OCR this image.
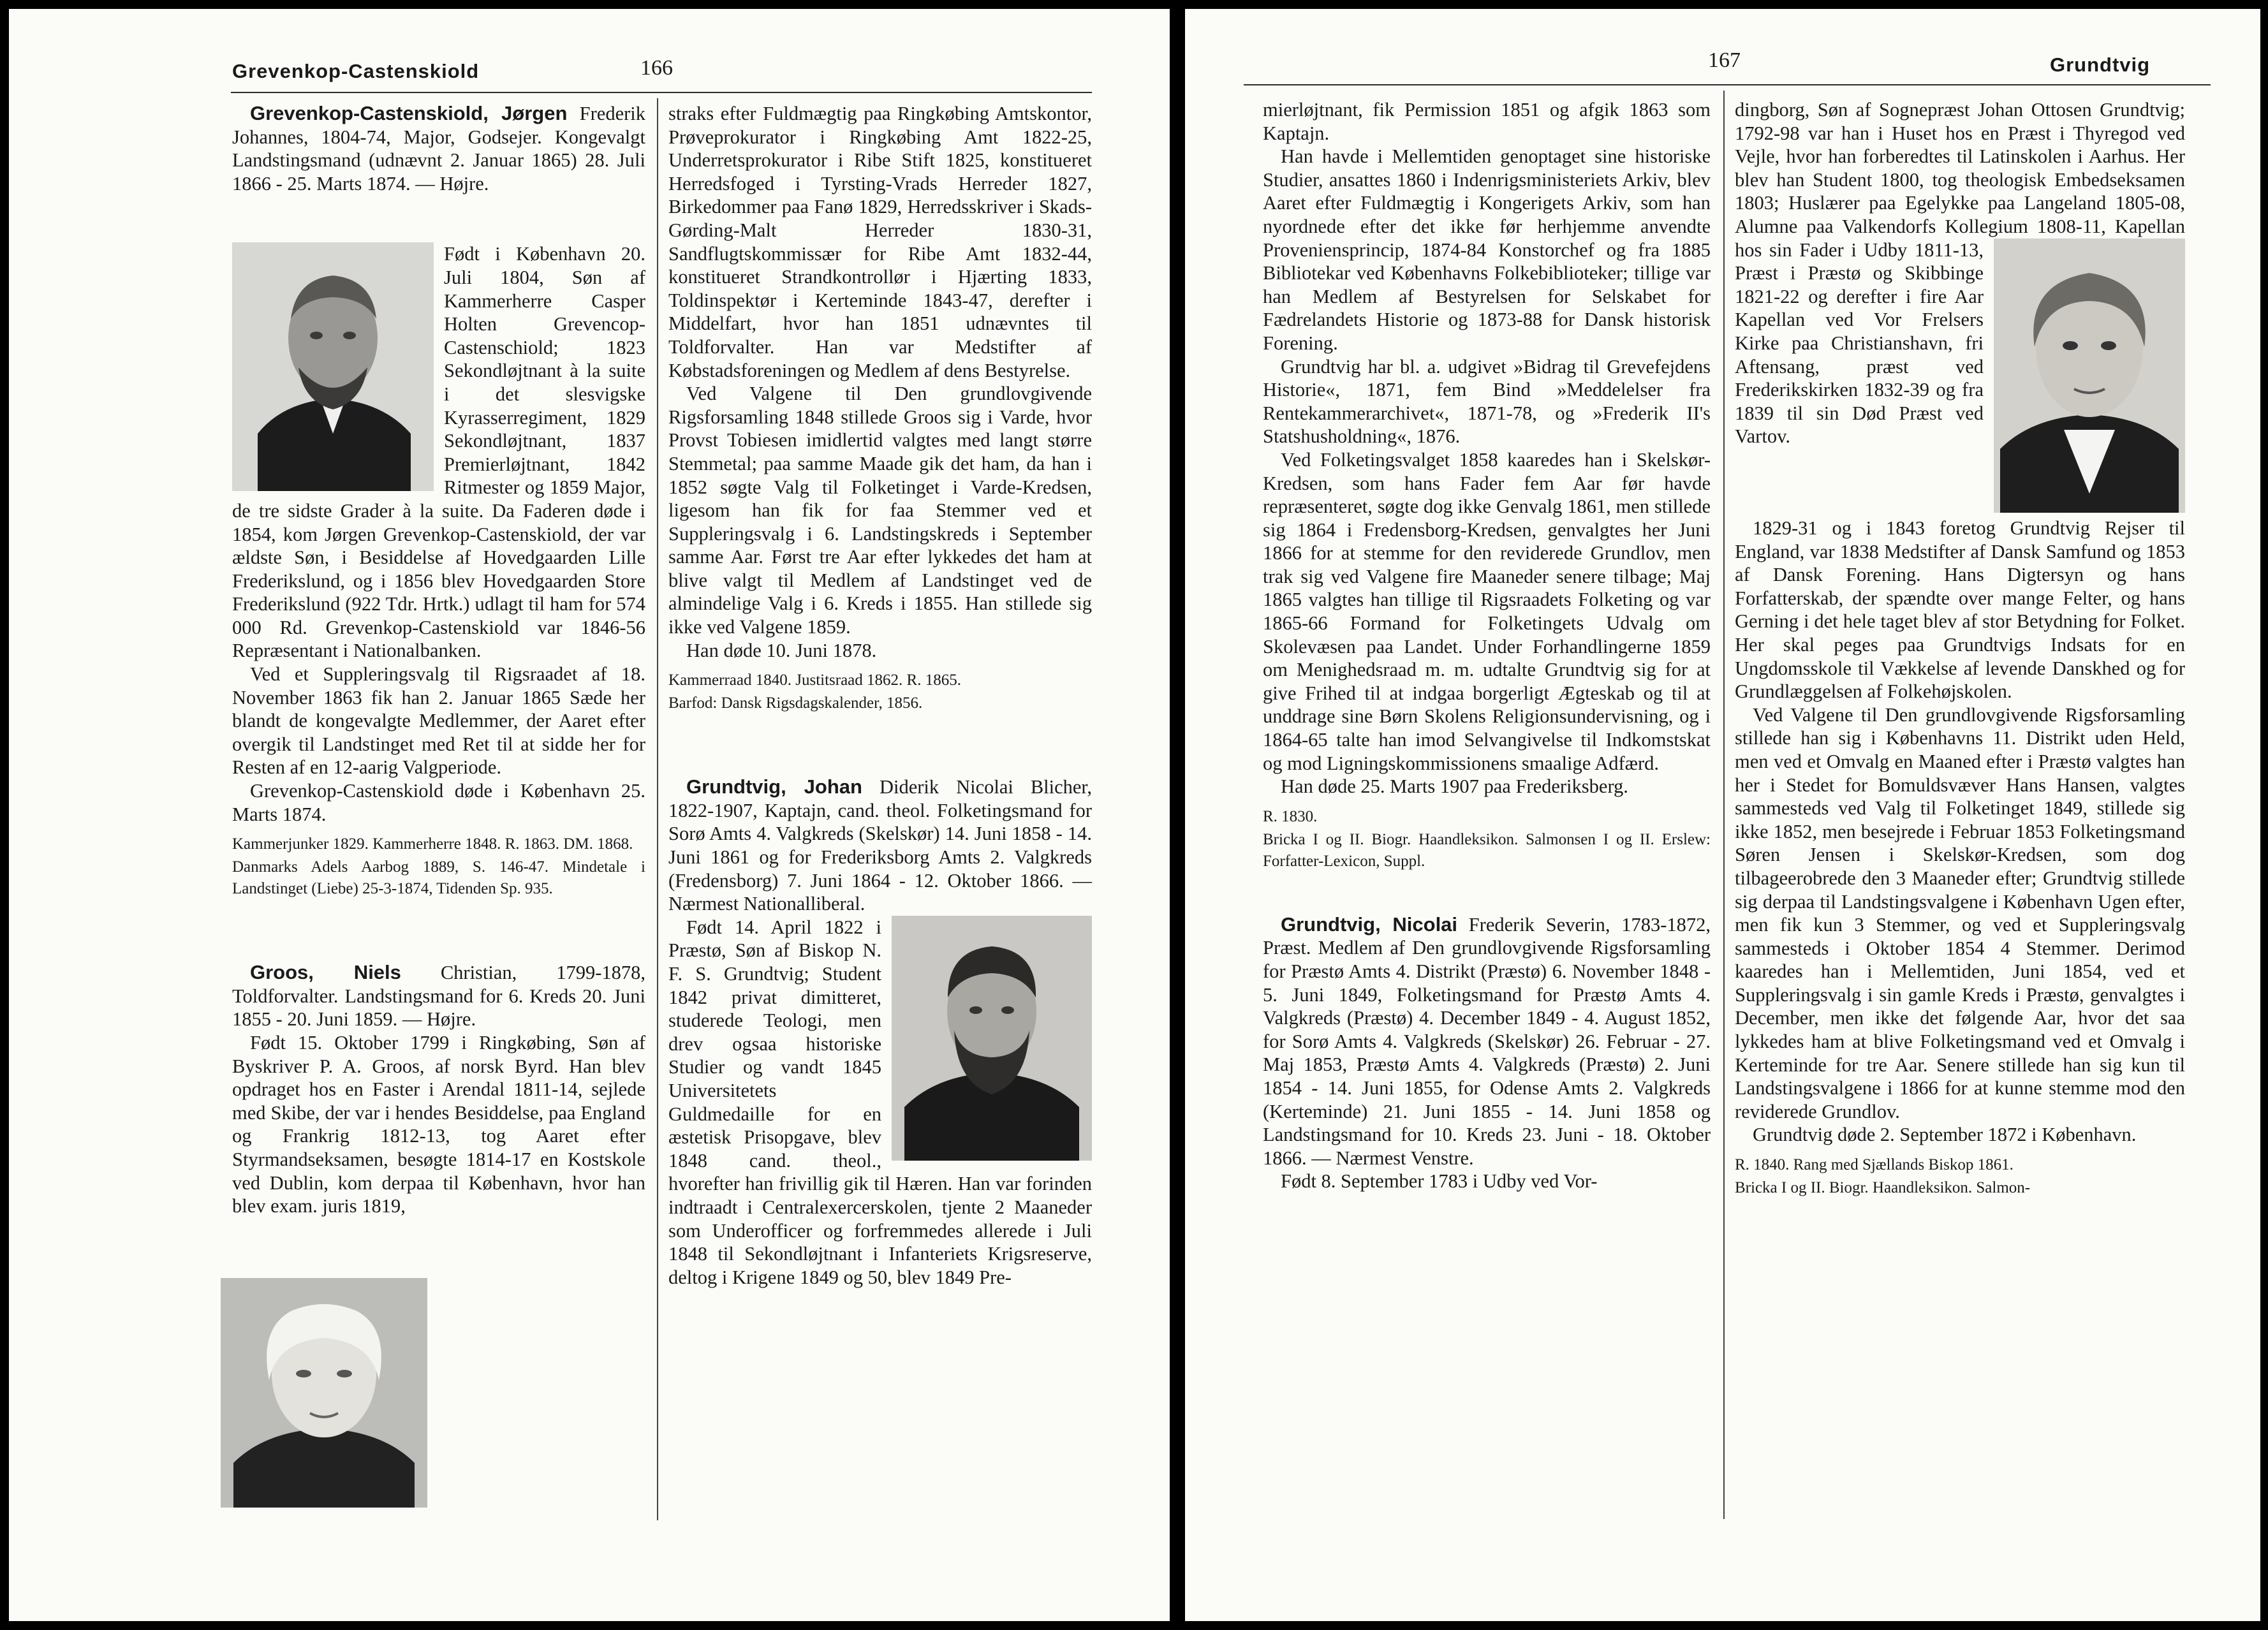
Grevenkop-Castenskiold	166

Grevenkop-Castenskiold, Jørgen Frederik Johannes, 1804-74, Major, Godsejer. Kongevalgt Landstingsmand (udnævnt 2. Januar 1865) 28. Juli 1866 - 25. Marts 1874. — Højre.

Født i København 20. Juli 1804, Søn af Kammerherre Casper Holten Grevencop-Castenschiold; 1823 Sekondløjtnant à la suite i det slesvigske Kyrasserregiment, 1829 Sekondløjtnant, 1837 Premierløjtnant, 1842 Ritmester og 1859 Major, de tre sidste Grader à la suite. Da Faderen døde i 1854, kom Jørgen Grevenkop-Castenskiold, der var ældste Søn, i Besiddelse af Hovedgaarden Lille Frederikslund, og i 1856 blev Hovedgaarden Store Frederikslund (922 Tdr. Hrtk.) udlagt til ham for 574 000 Rd. Grevenkop-Castenskiold var 1846-56 Repræsentant i Nationalbanken.

Ved et Suppleringsvalg til Rigsraadet af 18. November 1863 fik han 2. Januar 1865 Sæde her blandt de kongevalgte Medlemmer, der Aaret efter overgik til Landstinget med Ret til at sidde her for Resten af en 12-aarig Valgperiode.

Grevenkop-Castenskiold døde i København 25. Marts 1874.

Kammerjunker 1829. Kammerherre 1848. R. 1863. DM. 1868.

Danmarks Adels Aarbog 1889, S. 146-47. Mindetale i Landstinget (Liebe) 25-3-1874, Tidenden Sp. 935.

Groos, Niels Christian, 1799-1878, Toldforvalter. Landstingsmand for 6. Kreds 20. Juni 1855 - 20. Juni 1859. — Højre.

Født 15. Oktober 1799 i Ringkøbing, Søn af Byskriver P. A. Groos, af norsk Byrd. Han blev opdraget hos en Faster i Arendal 1811-14, sejlede med Skibe, der var i hendes Besiddelse, paa England og Frankrig 1812-13, tog Aaret efter Styrmandseksamen, besøgte 1814-17 en Kostskole ved Dublin, kom derpaa til København, hvor han blev exam. juris 1819,

straks efter Fuldmægtig paa Ringkøbing Amtskontor, Prøveprokurator i Ringkøbing Amt 1822-25, Underretsprokurator i Ribe Stift 1825, konstitueret Herredsfoged i Tyrsting-Vrads Herreder 1827, Birkedommer paa Fanø 1829, Herredsskriver i Skads-Gørding-Malt Herreder 1830-31, Sandflugtskommissær for Ribe Amt 1832-44, konstitueret Strandkontrollør i Hjærting 1833, Toldinspektør i Kerteminde 1843-47, derefter i Middelfart, hvor han 1851 udnævntes til Toldforvalter. Han var Medstifter af Købstadsforeningen og Medlem af dens Bestyrelse.

Ved Valgene til Den grundlovgivende Rigsforsamling 1848 stillede Groos sig i Varde, hvor Provst Tobiesen imidlertid valgtes med langt større Stemmetal; paa samme Maade gik det ham, da han i 1852 søgte Valg til Folketinget i Varde-Kredsen, ligesom han fik for faa Stemmer ved et Suppleringsvalg i 6. Landstingskreds i September samme Aar. Først tre Aar efter lykkedes det ham at blive valgt til Medlem af Landstinget ved de almindelige Valg i 6. Kreds i 1855. Han stillede sig ikke ved Valgene 1859.

Han døde 10. Juni 1878.

Kammerraad 1840. Justitsraad 1862. R. 1865.

Barfod: Dansk Rigsdagskalender, 1856.

Grundtvig, Johan Diderik Nicolai Blicher, 1822-1907, Kaptajn, cand. theol. Folketingsmand for Sorø Amts 4. Valgkreds (Skelskør) 14. Juni 1858 - 14. Juni 1861 og for Frederiksborg Amts 2. Valgkreds (Fredensborg) 7. Juni 1864 - 12. Oktober 1866. — Nærmest Nationalliberal.

Født 14. April 1822 i Præstø, Søn af Biskop N. F. S. Grundtvig; Student 1842 privat dimitteret, studerede Teologi, men drev ogsaa historiske Studier og vandt 1845 Universitetets Guldmedaille for en æstetisk Prisopgave, blev 1848 cand. theol., hvorefter han frivillig gik til Hæren. Han var forinden indtraadt i Centralexercerskolen, tjente 2 Maaneder som Underofficer og forfremmedes allerede i Juli 1848 til Sekondløjtnant i Infanteriets Krigsreserve, deltog i Krigene 1849 og 50, blev 1849 Pre-

167	Grundtvig

mierløjtnant, fik Permission 1851 og afgik 1863 som Kaptajn.

Han havde i Mellemtiden genoptaget sine historiske Studier, ansattes 1860 i Indenrigsministeriets Arkiv, blev Aaret efter Fuldmægtig i Kongerigets Arkiv, som han nyordnede efter det ikke før herhjemme anvendte Proveniensprincip, 1874-84 Konstorchef og fra 1885 Bibliotekar ved Københavns Folkebiblioteker; tillige var han Medlem af Bestyrelsen for Selskabet for Fædrelandets Historie og 1873-88 for Dansk historisk Forening.

Grundtvig har bl. a. udgivet »Bidrag til Grevefejdens Historie«, 1871, fem Bind »Meddelelser fra Rentekammerarchivet«, 1871-78, og »Frederik II's Statshusholdning«, 1876.

Ved Folketingsvalget 1858 kaaredes han i Skelskør-Kredsen, som hans Fader fem Aar før havde repræsenteret, søgte dog ikke Genvalg 1861, men stillede sig 1864 i Fredensborg-Kredsen, genvalgtes her Juni 1866 for at stemme for den reviderede Grundlov, men trak sig ved Valgene fire Maaneder senere tilbage; Maj 1865 valgtes han tillige til Rigsraadets Folketing og var 1865-66 Formand for Folketingets Udvalg om Skolevæsen paa Landet. Under Forhandlingerne 1859 om Menighedsraad m. m. udtalte Grundtvig sig for at give Frihed til at indgaa borgerligt Ægteskab og til at unddrage sine Børn Skolens Religionsundervisning, og i 1864-65 talte han imod Selvangivelse til Indkomstskat og mod Ligningskommissionens smaalige Adfærd.

Han døde 25. Marts 1907 paa Frederiksberg.

R. 1830.

Bricka I og II. Biogr. Haandleksikon. Salmonsen I og II. Erslew: Forfatter-Lexicon, Suppl.

Grundtvig, Nicolai Frederik Severin, 1783-1872, Præst. Medlem af Den grundlovgivende Rigsforsamling for Præstø Amts 4. Distrikt (Præstø) 6. November 1848 - 5. Juni 1849, Folketingsmand for Præstø Amts 4. Valgkreds (Præstø) 4. December 1849 - 4. August 1852, for Sorø Amts 4. Valgkreds (Skelskør) 26. Februar - 27. Maj 1853, Præstø Amts 4. Valgkreds (Præstø) 2. Juni 1854 - 14. Juni 1855, for Odense Amts 2. Valgkreds (Kerteminde) 21. Juni 1855 - 14. Juni 1858 og Landstingsmand for 10. Kreds 23. Juni - 18. Oktober 1866. — Nærmest Venstre.

Født 8. September 1783 i Udby ved Vor-

dingborg, Søn af Sognepræst Johan Ottosen Grundtvig; 1792-98 var han i Huset hos en Præst i Thyregod ved Vejle, hvor han forberedtes til Latinskolen i Aarhus. Her blev han Student 1800, tog theologisk Embedseksamen 1803; Huslærer paa Egelykke paa Langeland 1805-08, Alumne paa Valkendorfs Kollegium 1808-11, Kapellan hos sin Fader i Udby 1811-13, Præst i Præstø og Skibbinge 1821-22 og derefter i fire Aar Kapellan ved Vor Frelsers Kirke paa Christianshavn, fri Aftensang, præst ved Frederikskirken 1832-39 og fra 1839 til sin Død Præst ved Vartov.

1829-31 og i 1843 foretog Grundtvig Rejser til England, var 1838 Medstifter af Dansk Samfund og 1853 af Dansk Forening. Hans Digtersyn og hans Forfatterskab, der spændte over mange Felter, og hans Gerning i det hele taget blev af stor Betydning for Folket. Her skal peges paa Grundtvigs Indsats for en Ungdomsskole til Vækkelse af levende Danskhed og for Grundlæggelsen af Folkehøjskolen.

Ved Valgene til Den grundlovgivende Rigsforsamling stillede han sig i Københavns 11. Distrikt uden Held, men ved et Omvalg en Maaned efter i Præstø valgtes han her i Stedet for Bomuldsvæver Hans Hansen, valgtes sammesteds ved Valg til Folketinget 1849, stillede sig ikke 1852, men besejrede i Februar 1853 Folketingsmand Søren Jensen i Skelskør-Kredsen, som dog tilbageerobrede den 3 Maaneder efter; Grundtvig stillede sig derpaa til Landstingsvalgene i København Ugen efter, men fik kun 3 Stemmer, og ved et Suppleringsvalg sammesteds i Oktober 1854 4 Stemmer. Derimod kaaredes han i Mellemtiden, Juni 1854, ved et Suppleringsvalg i sin gamle Kreds i Præstø, genvalgtes i December, men ikke det følgende Aar, hvor det saa lykkedes ham at blive Folketingsmand ved et Omvalg i Kerteminde for tre Aar. Senere stillede han sig kun til Landstingsvalgene i 1866 for at kunne stemme mod den reviderede Grundlov.

Grundtvig døde 2. September 1872 i København.

R. 1840. Rang med Sjællands Biskop 1861.

Bricka I og II. Biogr. Haandleksikon. Salmon-
